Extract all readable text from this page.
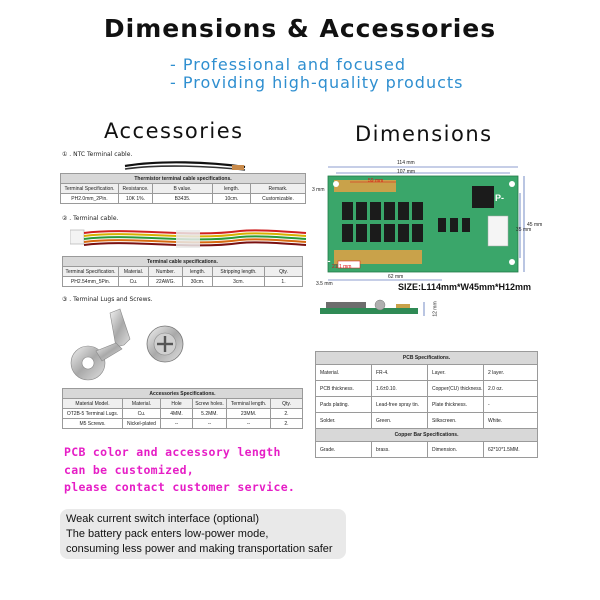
Dimensions & Accessories
- Professional and focused
- Providing high-quality products
Accessories
① . NTC Terminal cable.
Thermistor terminal cable specifications.				
Terminal Specification.	Resistance.	B value.	length.	Remark.
PH2.0mm_2Pin.	10K 1%.	B3435.	10cm.	Customizable.
② . Terminal cable.
Terminal cable specifications.					
Terminal Specification.	Material.	Number.	length.	Stripping length.	Qty.
PH2.54mm_5Pin.	Cu.	22AWG.	30cm.	3cm.	1.
③ . Terminal Lugs and Screws.
Accessories Specifications.					
Material Model.	Material.	Hole	Screw holes.	Terminal length.	Qty.
OT2B-5 Terminal Lugs.	Cu.	4MM.	5.2MM.	23MM.	2.
M5 Screws.	Nickel-plated	--	--	--	2.
Dimensions
P-
B-
114 mm
107 mm
59 mm
3 mm
35 mm
45 mm
21.1 mm
62 mm
3.5 mm	SIZE:L114mm*W45mm*H12mm
12 mm
PCB Specifications.			
Material.	FR-4.	Layer.	2 layer.
PCB thickness.	1.6±0.10.	Copper(CU) thickness.	2.0 oz.
Pads plating.	Lead-free spray tin.	Plate thickness.	-
Solder.	Green.	Silkscreen.	White.
Copper Bar Specifications.			
Grade.	brass.	Dimension.	62*10*1.5MM.
PCB color and accessory length
can be customized,
please contact customer service.
Weak current switch interface (optional)
The battery pack enters low-power mode,
consuming less power and making transportation safer
